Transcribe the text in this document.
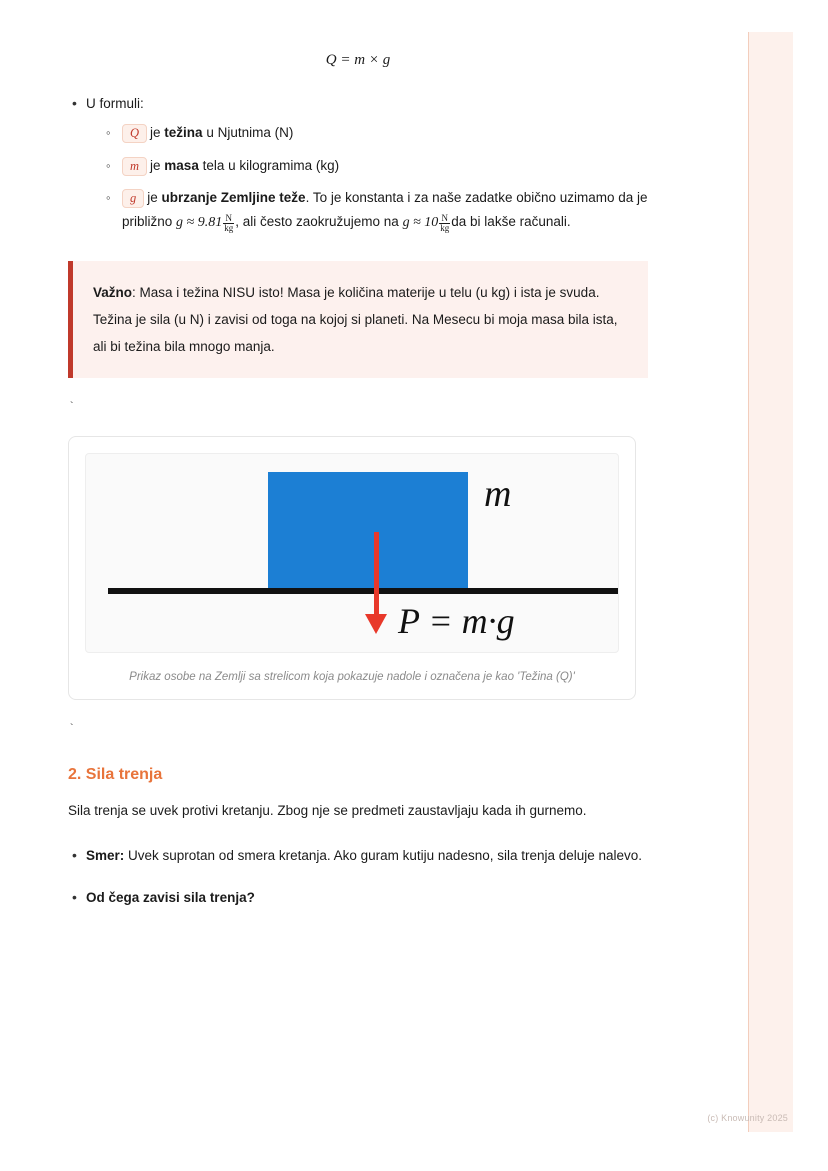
Q = m × g
• U formuli:
◦ Q je težina u Njutnima (N)
◦ m je masa tela u kilogramima (kg)
◦ g je ubrzanje Zemljine teže. To je konstanta i za naše zadatke obično uzimamo da je približno $g \approx 9.81 \frac{N}{kg}$ , ali često zaokružujemo na $g \approx 10 \frac{N}{kg}$ da bi lakše računali.
Važno: Masa i težina NISU isto! Masa je količina materije u telu (u kg) i ista je svuda. Težina je sila (u N) i zavisi od toga na kojoj si planeti. Na Mesecu bi moja masa bila ista, ali bi težina bila mnogo manja.
`
m
P = m·g
Prikaz osobe na Zemlji sa strelicom koja pokazuje nadole i označena je kao 'Težina (Q)'
`
2. Sila trenja

Sila trenja se uvek protivi kretanju. Zbog nje se predmeti zaustavljaju kada ih gurnemo.

• Smer: Uvek suprotan od smera kretanja. Ako guram kutiju nadesno, sila trenja deluje nalevo.
• Od čega zavisi sila trenja?
(c) Knowunity 2025
